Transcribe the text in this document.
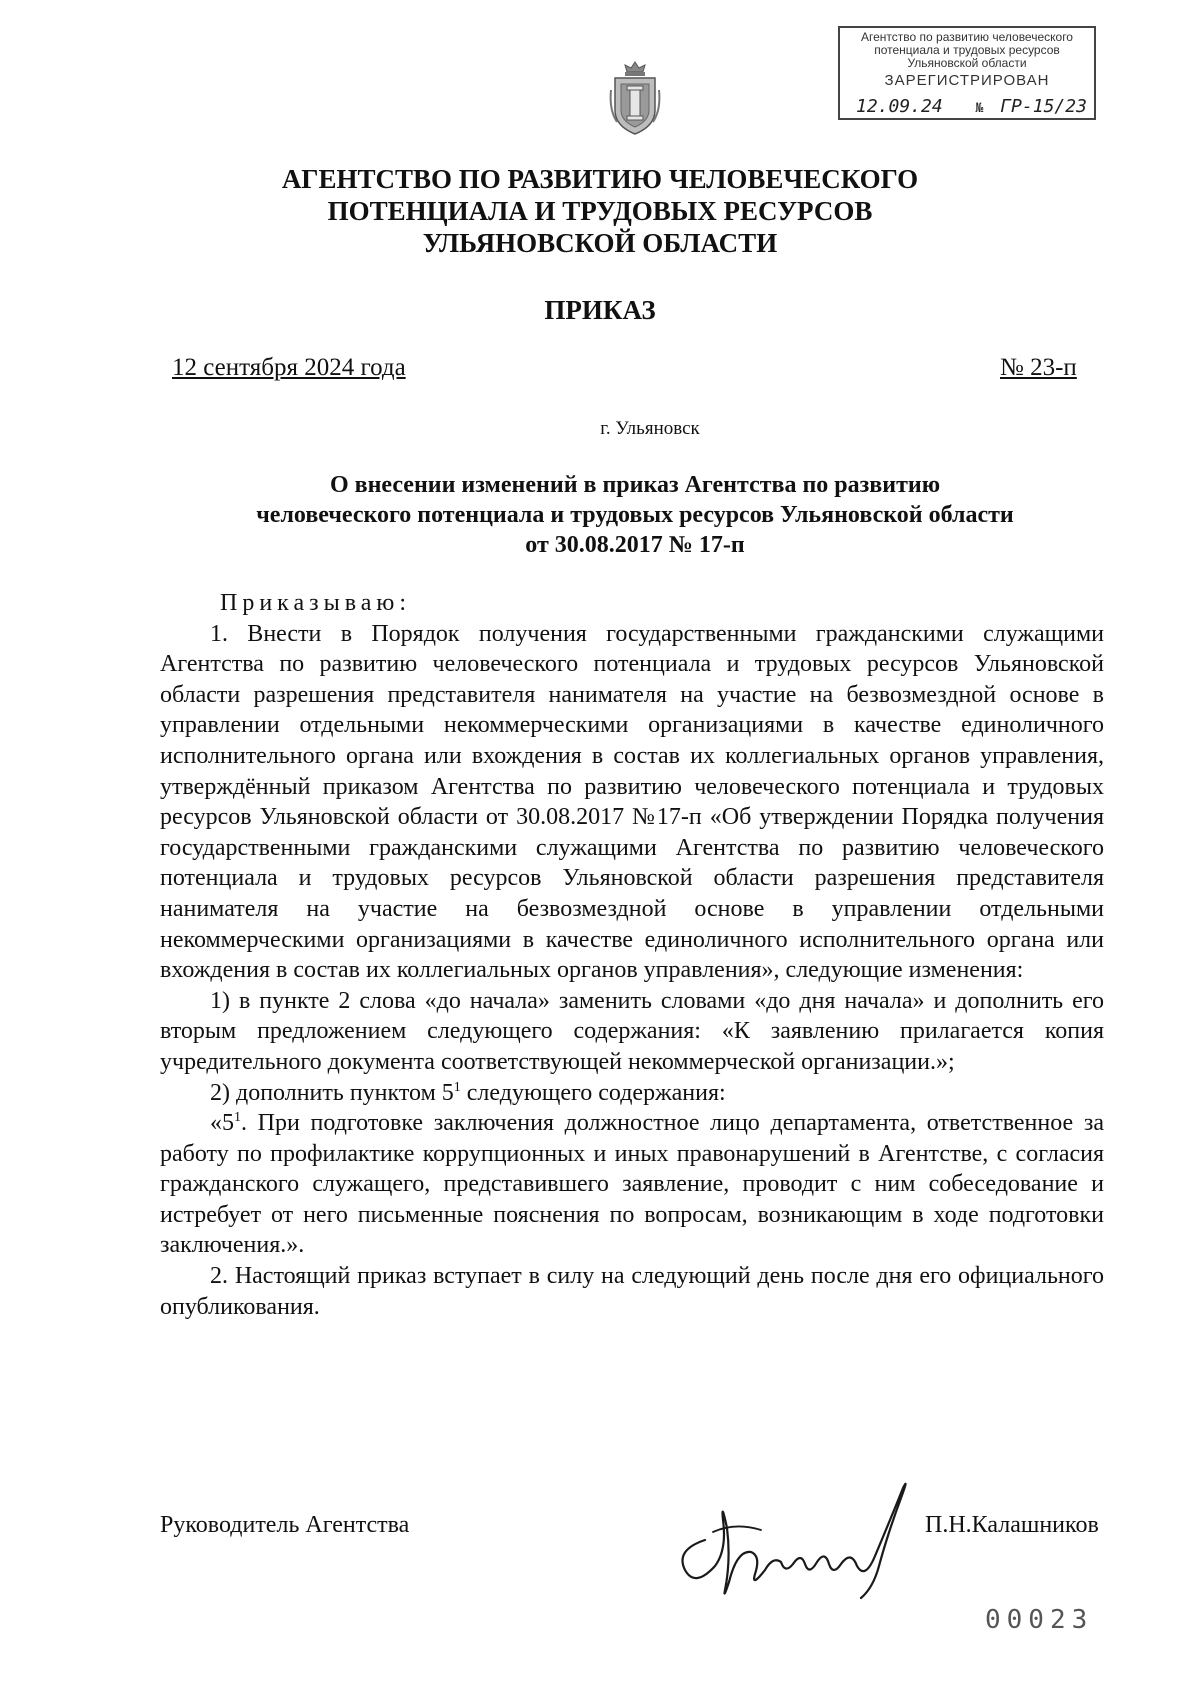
Агентство по развитию человеческого
потенциала и трудовых ресурсов
Ульяновской области
ЗАРЕГИСТРИРОВАН
12.09.24	№ ГР-15/23
АГЕНТСТВО ПО РАЗВИТИЮ ЧЕЛОВЕЧЕСКОГО
ПОТЕНЦИАЛА И ТРУДОВЫХ РЕСУРСОВ
УЛЬЯНОВСКОЙ ОБЛАСТИ
ПРИКАЗ
12 сентября 2024 года	№ 23-п
г. Ульяновск
О внесении изменений в приказ Агентства по развитию
человеческого потенциала и трудовых ресурсов Ульяновской области
от 30.08.2017 № 17-п

Приказываю:

1. Внести в Порядок получения государственными гражданскими служащими Агентства по развитию человеческого потенциала и трудовых ресурсов Ульяновской области разрешения представителя нанимателя на участие на безвозмездной основе в управлении отдельными некоммерческими организациями в качестве единоличного исполнительного органа или вхождения в состав их коллегиальных органов управления, утверждённый приказом Агентства по развитию человеческого потенциала и трудовых ресурсов Ульяновской области от 30.08.2017 №17-п «Об утверждении Порядка получения государственными гражданскими служащими Агентства по развитию человеческого потенциала и трудовых ресурсов Ульяновской области разрешения представителя нанимателя на участие на безвозмездной основе в управлении отдельными некоммерческими организациями в качестве единоличного исполнительного органа или вхождения в состав их коллегиальных органов управления», следующие изменения:

1) в пункте 2 слова «до начала» заменить словами «до дня начала» и дополнить его вторым предложением следующего содержания: «К заявлению прилагается копия учредительного документа соответствующей некоммерческой организации.»;

2) дополнить пунктом $5^1$ следующего содержания:

«$5^1$. При подготовке заключения должностное лицо департамента, ответственное за работу по профилактике коррупционных и иных правонарушений в Агентстве, с согласия гражданского служащего, представившего заявление, проводит с ним собеседование и истребует от него письменные пояснения по вопросам, возникающим в ходе подготовки заключения.».

2. Настоящий приказ вступает в силу на следующий день после дня его официального опубликования.

Руководитель Агентства	П.Н.Калашников
00023
